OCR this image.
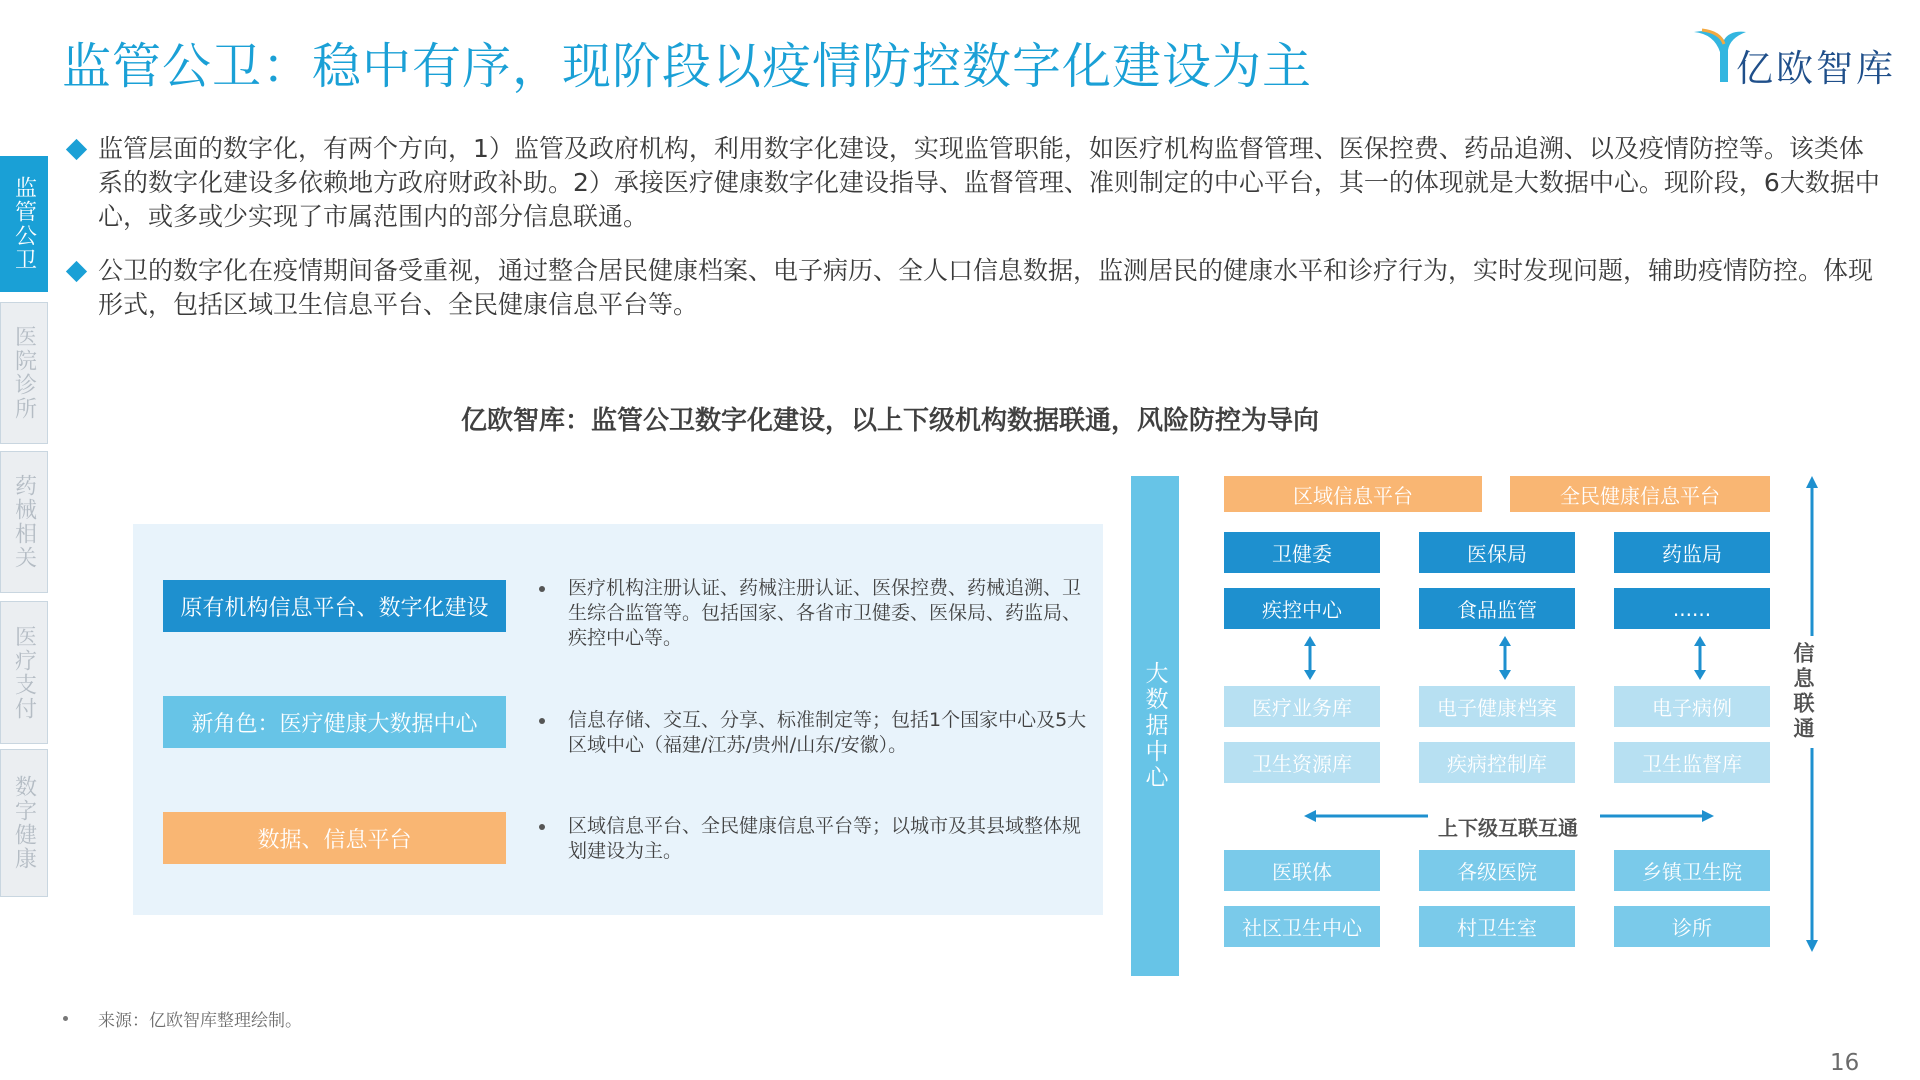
监管公卫：稳中有序，现阶段以疫情防控数字化建设为主	亿欧智库
监管公卫
医院诊所
药械相关
医疗支付
数字健康
监管层面的数字化，有两个方向，1）监管及政府机构，利用数字化建设，实现监管职能，如医疗机构监督管理、医保控费、药品追溯、以及疫情防控等。该类体系的数字化建设多依赖地方政府财政补助。2）承接医疗健康数字化建设指导、监督管理、准则制定的中心平台，其一的体现就是大数据中心。现阶段，6大数据中心，或多或少实现了市属范围内的部分信息联通。
公卫的数字化在疫情期间备受重视，通过整合居民健康档案、电子病历、全人口信息数据，监测居民的健康水平和诊疗行为，实时发现问题，辅助疫情防控。体现形式，包括区域卫生信息平台、全民健康信息平台等。
亿欧智库：监管公卫数字化建设，以上下级机构数据联通，风险防控为导向
原有机构信息平台、数字化建设
医疗机构注册认证、药械注册认证、医保控费、药械追溯、卫生综合监管等。包括国家、各省市卫健委、医保局、药监局、疾控中心等。
新角色：医疗健康大数据中心	信息存储、交互、分享、标准制定等；包括1个国家中心及5大区域中心（福建/江苏/贵州/山东/安徽）。
数据、信息平台
区域信息平台、全民健康信息平台等；以城市及其县域整体规划建设为主。
大数据中心
区域信息平台	全民健康信息平台
卫健委	医保局	药监局
疾控中心	食品监管	......
医疗业务库	电子健康档案	电子病例
卫生资源库	疾病控制库	卫生监督库
上下级互联互通
医联体	各级医院	乡镇卫生院
社区卫生中心	村卫生室	诊所
信息联通
来源：亿欧智库整理绘制。
16
